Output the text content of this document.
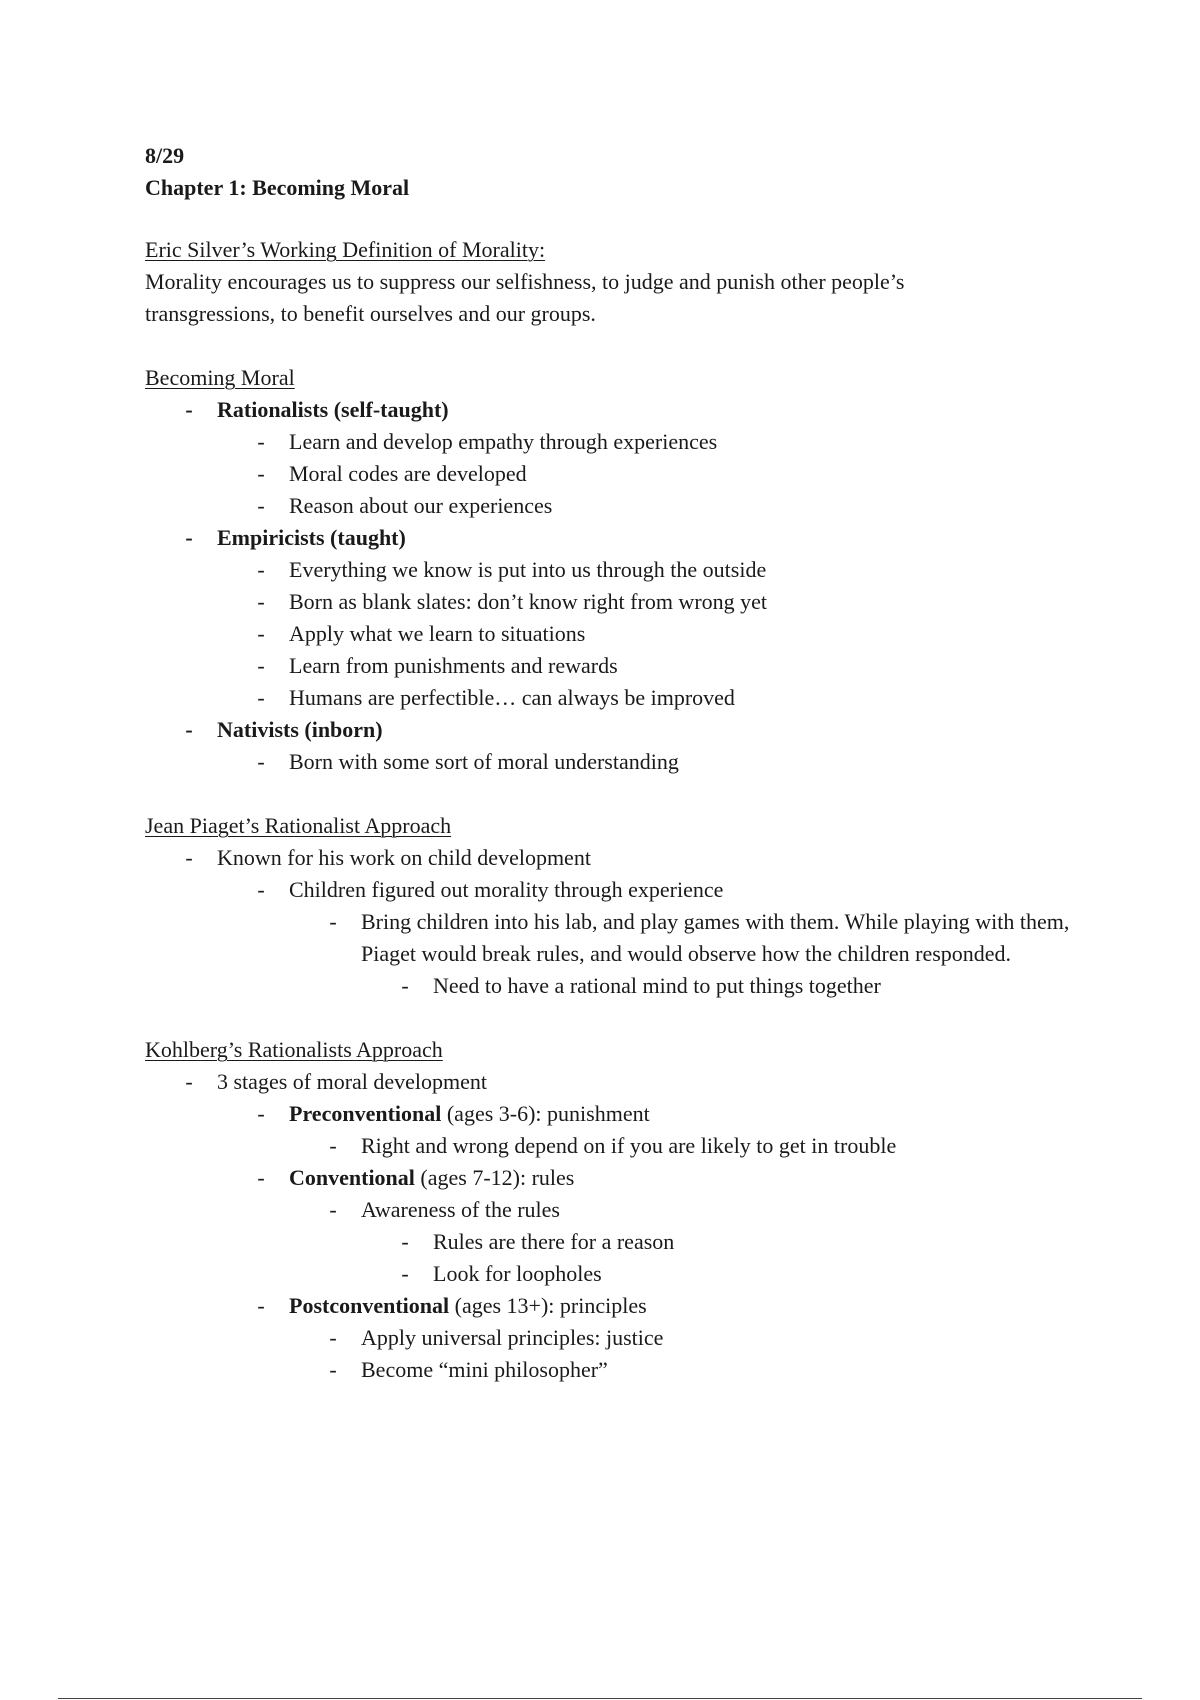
8/29
Chapter 1: Becoming Moral
Eric Silver’s Working Definition of Morality:
Morality encourages us to suppress our selfishness, to judge and punish other people’s transgressions, to benefit ourselves and our groups.
Becoming Moral
- Rationalists (self-taught)
- Learn and develop empathy through experiences
- Moral codes are developed
- Reason about our experiences
- Empiricists (taught)
- Everything we know is put into us through the outside
- Born as blank slates: don’t know right from wrong yet
- Apply what we learn to situations
- Learn from punishments and rewards
- Humans are perfectible… can always be improved
- Nativists (inborn)
- Born with some sort of moral understanding
Jean Piaget’s Rationalist Approach
- Known for his work on child development
- Children figured out morality through experience
- Bring children into his lab, and play games with them. While playing with them, Piaget would break rules, and would observe how the children responded.
- Need to have a rational mind to put things together
Kohlberg’s Rationalists Approach
- 3 stages of moral development
- Preconventional (ages 3-6): punishment
- Right and wrong depend on if you are likely to get in trouble
- Conventional (ages 7-12): rules
- Awareness of the rules
- Rules are there for a reason
- Look for loopholes
- Postconventional (ages 13+): principles
- Apply universal principles: justice
- Become “mini philosopher”
